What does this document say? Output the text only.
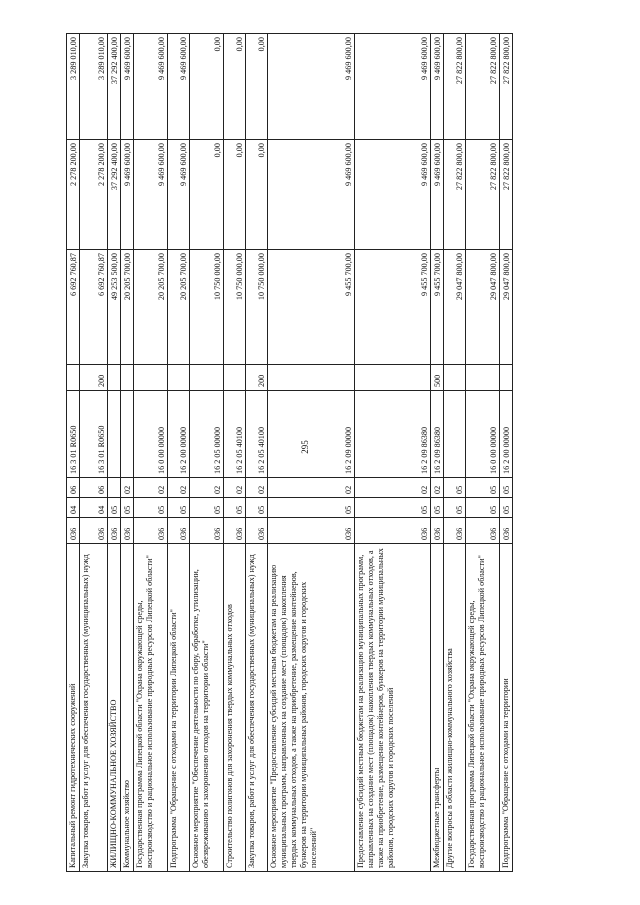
295
Капитальный ремонт гидротехнических сооружений	036	04	06	16 3 01 R0650		6 692 760,87	2 278 200,00	3 289 010,00
Закупка товаров, работ и услуг для обеспечения государственных (муниципальных) нужд	036	04	06	16 3 01 R0650	200	6 692 760,87	2 278 200,00	3 289 010,00
ЖИЛИЩНО-КОММУНАЛЬНОЕ ХОЗЯЙСТВО	036	05				49 253 500,00	37 292 400,00	37 292 400,00
Коммунальное хозяйство	036	05	02			20 205 700,00	9 469 600,00	9 469 600,00
Государственная программа Липецкой области "Охрана окружающей среды, воспроизводство и рациональное использование природных ресурсов Липецкой области"	036	05	02	16 0 00 00000		20 205 700,00	9 469 600,00	9 469 600,00
Подпрограмма "Обращение с отходами на территории Липецкой области"	036	05	02	16 2 00 00000		20 205 700,00	9 469 600,00	9 469 600,00
Основное мероприятие "Обеспечение деятельности по сбору, обработке, утилизации, обезвреживанию и захоронению отходов на территории области"	036	05	02	16 2 05 00000		10 750 000,00	0,00	0,00
Строительство полигонов для захоронения твердых коммунальных отходов	036	05	02	16 2 05 40100		10 750 000,00	0,00	0,00
Закупка товаров, работ и услуг для обеспечения государственных (муниципальных) нужд	036	05	02	16 2 05 40100	200	10 750 000,00	0,00	0,00
Основное мероприятие "Предоставление субсидий местным бюджетам на реализацию муниципальных программ, направленных на создание мест (площадок) накопления твердых коммунальных отходов, а также на приобретение, размещение контейнеров, бункеров на территории муниципальных районов, городских округов и городских поселений"	036	05	02	16 2 09 00000		9 455 700,00	9 469 600,00	9 469 600,00
Предоставление субсидий местным бюджетам на реализацию муниципальных программ, направленных на создание мест (площадок) накопления твердых коммунальных отходов, а также на приобретение, размещение контейнеров, бункеров на территории муниципальных районов, городских округов и городских поселений	036	05	02	16 2 09 86380		9 455 700,00	9 469 600,00	9 469 600,00
Межбюджетные трансферты	036	05	02	16 2 09 86380	500	9 455 700,00	9 469 600,00	9 469 600,00
Другие вопросы в области жилищно-коммунального хозяйства	036	05	05			29 047 800,00	27 822 800,00	27 822 800,00
Государственная программа Липецкой области "Охрана окружающей среды, воспроизводство и рациональное использование природных ресурсов Липецкой области"	036	05	05	16 0 00 00000		29 047 800,00	27 822 800,00	27 822 800,00
Подпрограмма "Обращение с отходами на территории	036	05	05	16 2 00 00000		29 047 800,00	27 822 800,00	27 822 800,00
